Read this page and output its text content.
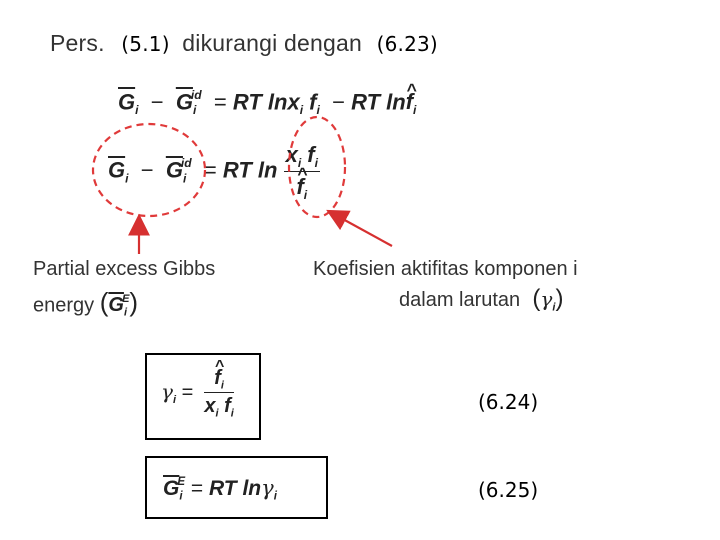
Pers. (5.1) dikurangi dengan (6.23)
$\overline{G}_i - \overline{G}_i^{id}$  = RT lnx$_i$ $f_i$  − RT ln^ $f_i$
$\overline{G}_i - \overline{G}_i^{id}$  = RT $\ln x_i$ $f_i$
^ $f_i$
Partial excess Gibbs
energy $(\overline{G}_i^E)$
Koefisien aktifitas komponen i
dalam larutan  $(\gamma_i)$
$\gamma_i$ = ^ $\frac{f_i}{x_i f_i}$	(6.24)
$\overline{G}_i^E$ = RT lnγ$_i$	(6.25)
